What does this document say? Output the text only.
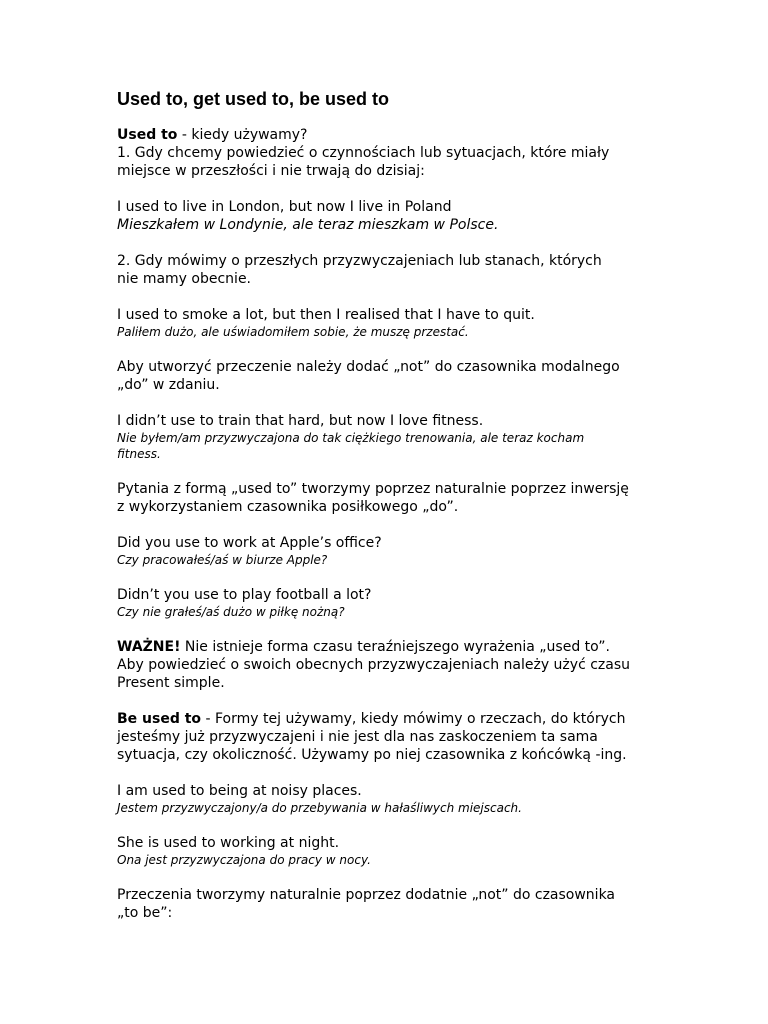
Used to, get used to, be used to
Used to - kiedy używamy?
1. Gdy chcemy powiedzieć o czynnościach lub sytuacjach, które miały
miejsce w przeszłości i nie trwają do dzisiaj:
I used to live in London, but now I live in Poland
Mieszkałem w Londynie, ale teraz mieszkam w Polsce.
2. Gdy mówimy o przeszłych przyzwyczajeniach lub stanach, których
nie mamy obecnie.
I used to smoke a lot, but then I realised that I have to quit.
Paliłem dużo, ale uświadomiłem sobie, że muszę przestać.
Aby utworzyć przeczenie należy dodać „not” do czasownika modalnego
„do” w zdaniu.
I didn’t use to train that hard, but now I love fitness.
Nie byłem/am przyzwyczajona do tak ciężkiego trenowania, ale teraz kocham
fitness.
Pytania z formą „used to” tworzymy poprzez naturalnie poprzez inwersję
z wykorzystaniem czasownika posiłkowego „do”.
Did you use to work at Apple’s office?
Czy pracowałeś/aś w biurze Apple?
Didn’t you use to play football a lot?
Czy nie grałeś/aś dużo w piłkę nożną?
WAŻNE! Nie istnieje forma czasu teraźniejszego wyrażenia „used to”.
Aby powiedzieć o swoich obecnych przyzwyczajeniach należy użyć czasu
Present simple.
Be used to - Formy tej używamy, kiedy mówimy o rzeczach, do których
jesteśmy już przyzwyczajeni i nie jest dla nas zaskoczeniem ta sama
sytuacja, czy okoliczność. Używamy po niej czasownika z końcówką -ing.
I am used to being at noisy places.
Jestem przyzwyczajony/a do przebywania w hałaśliwych miejscach.
She is used to working at night.
Ona jest przyzwyczajona do pracy w nocy.
Przeczenia tworzymy naturalnie poprzez dodatnie „not” do czasownika
„to be”:
